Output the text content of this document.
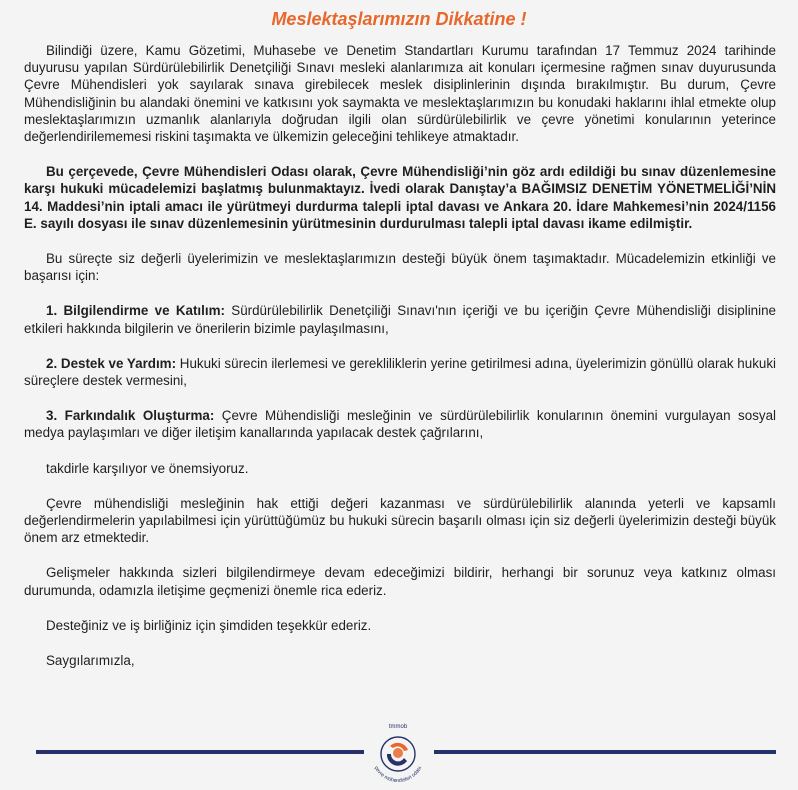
Meslektaşlarımızın Dikkatine !

Bilindiği üzere, Kamu Gözetimi, Muhasebe ve Denetim Standartları Kurumu tarafından 17 Temmuz 2024 tarihinde duyurusu yapılan Sürdürülebilirlik Denetçiliği Sınavı mesleki alanlarımıza ait konuları içermesine rağmen sınav duyurusunda Çevre Mühendisleri yok sayılarak sınava girebilecek meslek disiplinlerinin dışında bırakılmıştır. Bu durum, Çevre Mühendisliğinin bu alandaki önemini ve katkısını yok saymakta ve meslektaşlarımızın bu konudaki haklarını ihlal etmekte olup meslektaşlarımızın uzmanlık alanlarıyla doğrudan ilgili olan sürdürülebilirlik ve çevre yönetimi konularının yeterince değerlendirilememesi riskini taşımakta ve ülkemizin geleceğini tehlikeye atmaktadır.

Bu çerçevede, Çevre Mühendisleri Odası olarak, Çevre Mühendisliği’nin göz ardı edildiği bu sınav düzenlemesine karşı hukuki mücadelemizi başlatmış bulunmaktayız. İvedi olarak Danıştay’a BAĞIMSIZ DENETİM YÖNETMELİĞİ’NİN 14. Maddesi’nin iptali amacı ile yürütmeyi durdurma talepli iptal davası ve Ankara 20. İdare Mahkemesi’nin 2024/1156 E. sayılı dosyası ile sınav düzenlemesinin yürütmesinin durdurulması talepli iptal davası ikame edilmiştir.

Bu süreçte siz değerli üyelerimizin ve meslektaşlarımızın desteği büyük önem taşımaktadır. Mücadelemizin etkinliği ve başarısı için:

1. Bilgilendirme ve Katılım: Sürdürülebilirlik Denetçiliği Sınavı'nın içeriği ve bu içeriğin Çevre Mühendisliği disiplinine etkileri hakkında bilgilerin ve önerilerin bizimle paylaşılmasını,

2. Destek ve Yardım: Hukuki sürecin ilerlemesi ve gerekliliklerin yerine getirilmesi adına, üyelerimizin gönüllü olarak hukuki süreçlere destek vermesini,

3. Farkındalık Oluşturma: Çevre Mühendisliği mesleğinin ve sürdürülebilirlik konularının önemini vurgulayan sosyal medya paylaşımları ve diğer iletişim kanallarında yapılacak destek çağrılarını,

takdirle karşılıyor ve önemsiyoruz.

Çevre mühendisliği mesleğinin hak ettiği değeri kazanması ve sürdürülebilirlik alanında yeterli ve kapsamlı değerlendirmelerin yapılabilmesi için yürüttüğümüz bu hukuki sürecin başarılı olması için siz değerli üyelerimizin desteği büyük önem arz etmektedir.

Gelişmeler hakkında sizleri bilgilendirmeye devam edeceğimizi bildirir, herhangi bir sorunuz veya katkınız olması durumunda, odamızla iletişime geçmenizi önemle rica ederiz.

Desteğiniz ve iş birliğiniz için şimdiden teşekkür ederiz.

Saygılarımızla,

tmmob
çevre mühendisleri odası
